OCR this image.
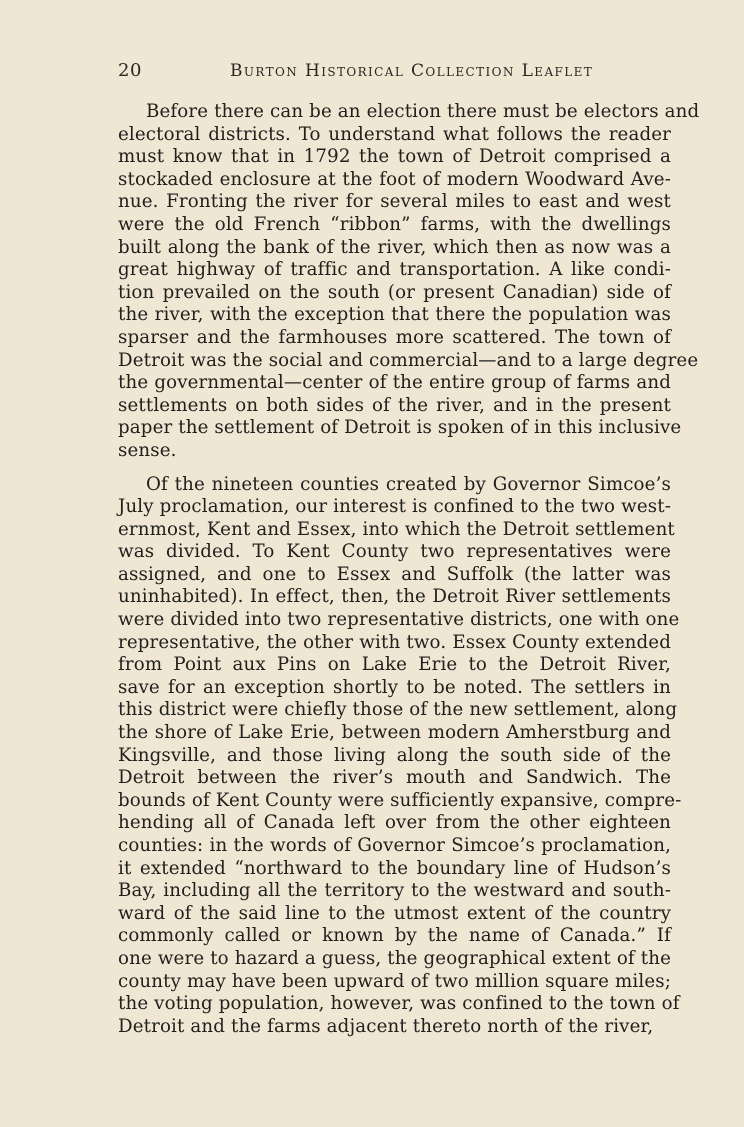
20	Burton Historical Collection Leaflet
Before there can be an election there must be electors and
electoral districts. To understand what follows the reader
must know that in 1792 the town of Detroit comprised a
stockaded enclosure at the foot of modern Woodward Ave-
nue. Fronting the river for several miles to east and west
were the old French “ribbon” farms, with the dwellings
built along the bank of the river, which then as now was a
great highway of traffic and transportation. A like condi-
tion prevailed on the south (or present Canadian) side of
the river, with the exception that there the population was
sparser and the farmhouses more scattered. The town of
Detroit was the social and commercial—and to a large degree
the governmental—center of the entire group of farms and
settlements on both sides of the river, and in the present
paper the settlement of Detroit is spoken of in this inclusive
sense.
Of the nineteen counties created by Governor Simcoe’s
July proclamation, our interest is confined to the two west-
ernmost, Kent and Essex, into which the Detroit settlement
was divided. To Kent County two representatives were
assigned, and one to Essex and Suffolk (the latter was
uninhabited). In effect, then, the Detroit River settlements
were divided into two representative districts, one with one
representative, the other with two. Essex County extended
from Point aux Pins on Lake Erie to the Detroit River,
save for an exception shortly to be noted. The settlers in
this district were chiefly those of the new settlement, along
the shore of Lake Erie, between modern Amherstburg and
Kingsville, and those living along the south side of the
Detroit between the river’s mouth and Sandwich. The
bounds of Kent County were sufficiently expansive, compre-
hending all of Canada left over from the other eighteen
counties: in the words of Governor Simcoe’s proclamation,
it extended “northward to the boundary line of Hudson’s
Bay, including all the territory to the westward and south-
ward of the said line to the utmost extent of the country
commonly called or known by the name of Canada.” If
one were to hazard a guess, the geographical extent of the
county may have been upward of two million square miles;
the voting population, however, was confined to the town of
Detroit and the farms adjacent thereto north of the river,
